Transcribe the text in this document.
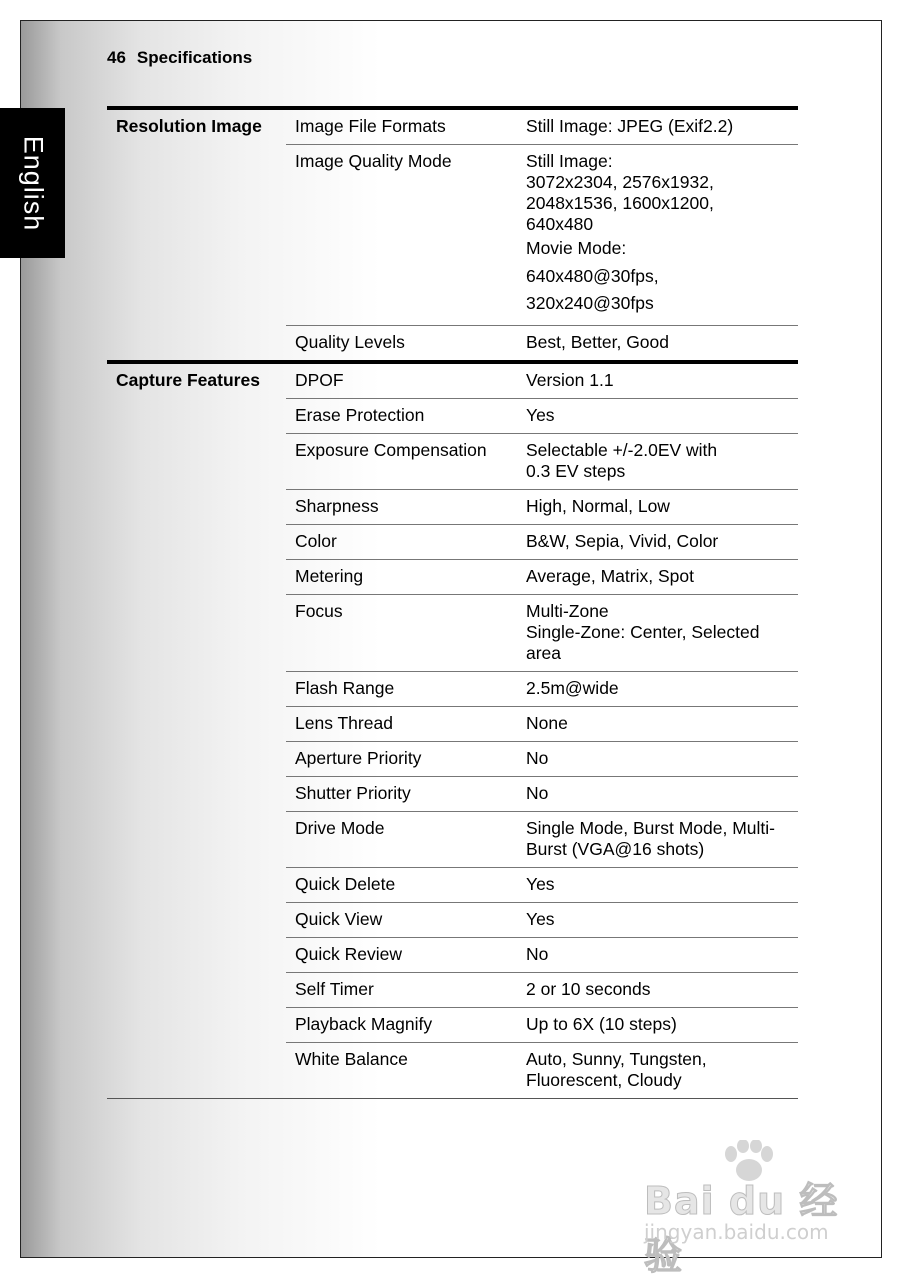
English
46 Specifications
Resolution Image	Image File Formats	Still Image: JPEG (Exif2.2)
Image Quality Mode	Still Image:
3072x2304, 2576x1932,
2048x1536, 1600x1200,
640x480
Movie Mode:
640x480@30fps,
320x240@30fps
Quality Levels	Best, Better, Good
Capture Features	DPOF	Version 1.1
Erase Protection	Yes
Exposure Compensation	Selectable +/-2.0EV with
0.3 EV steps
Sharpness	High, Normal, Low
Color	B&W, Sepia, Vivid, Color
Metering	Average, Matrix, Spot
Focus	Multi-Zone
Single-Zone: Center, Selected
area
Flash Range	2.5m@wide
Lens Thread	None
Aperture Priority	No
Shutter Priority	No
Drive Mode	Single Mode, Burst Mode, Multi-
Burst (VGA@16 shots)
Quick Delete	Yes
Quick View	Yes
Quick Review	No
Self Timer	2 or 10 seconds
Playback Magnify	Up to 6X (10 steps)
White Balance	Auto, Sunny, Tungsten,
Fluorescent, Cloudy
Bai du 经验
jingyan.baidu.com
